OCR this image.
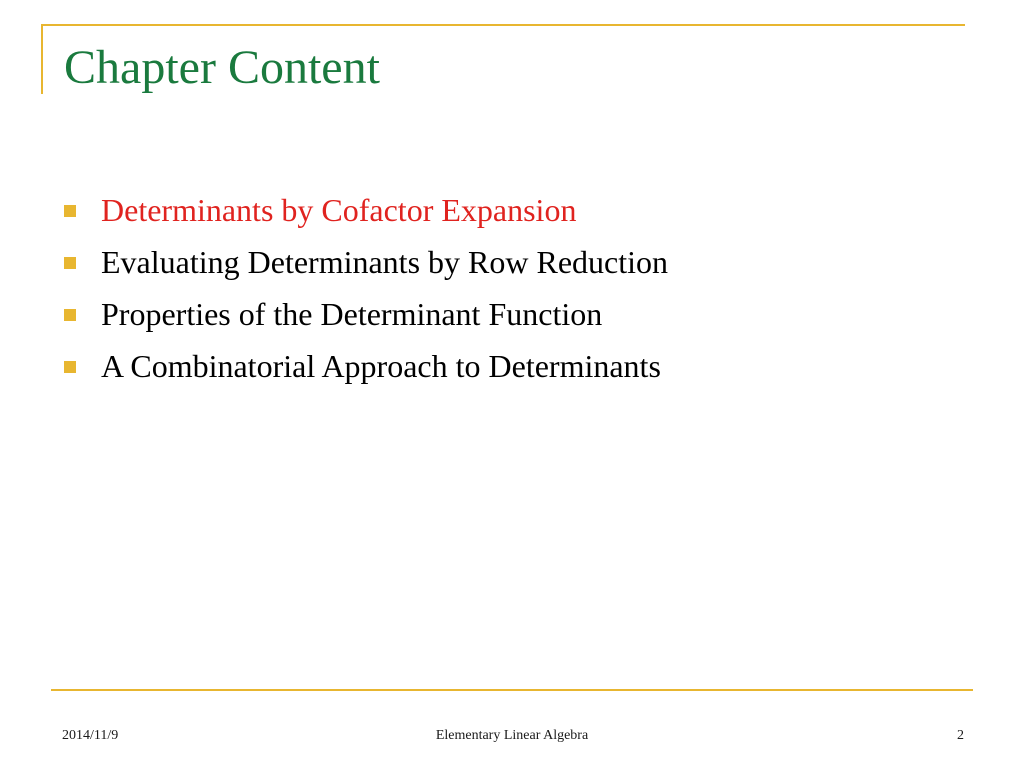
Chapter Content
Determinants by Cofactor Expansion
Evaluating Determinants by Row Reduction
Properties of the Determinant Function
A Combinatorial Approach to Determinants
2014/11/9	Elementary Linear Algebra	2
